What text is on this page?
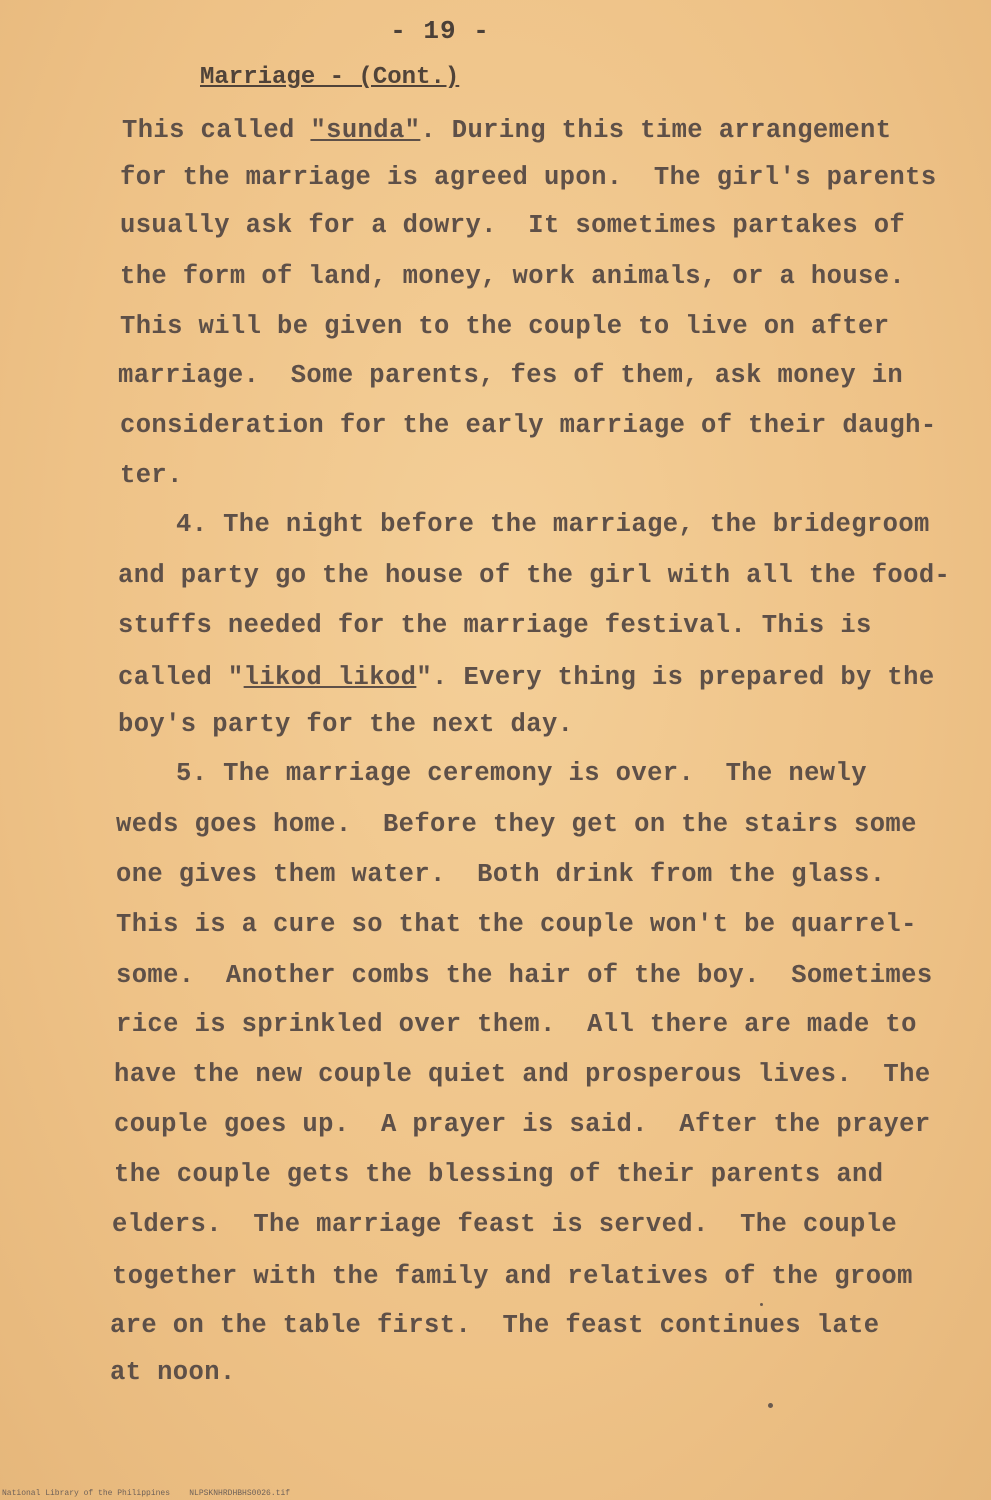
- 19 -
Marriage - (Cont.)
This called "sunda". During this time arrangement
for the marriage is agreed upon.  The girl's parents
usually ask for a dowry.  It sometimes partakes of
the form of land, money, work animals, or a house.
This will be given to the couple to live on after
marriage.  Some parents, fes of them, ask money in
consideration for the early marriage of their daugh-
ter.
4. The night before the marriage, the bridegroom
and party go the house of the girl with all the food-
stuffs needed for the marriage festival. This is
called "likod likod". Every thing is prepared by the
boy's party for the next day.
5. The marriage ceremony is over.  The newly
weds goes home.  Before they get on the stairs some
one gives them water.  Both drink from the glass.
This is a cure so that the couple won't be quarrel-
some.  Another combs the hair of the boy.  Sometimes
rice is sprinkled over them.  All there are made to
have the new couple quiet and prosperous lives.  The
couple goes up.  A prayer is said.  After the prayer
the couple gets the blessing of their parents and
elders.  The marriage feast is served.  The couple
together with the family and relatives of the groom
are on the table first.  The feast continues late
at noon.
National Library of the Philippines    NLPSKNHRDHBHS0026.tif
